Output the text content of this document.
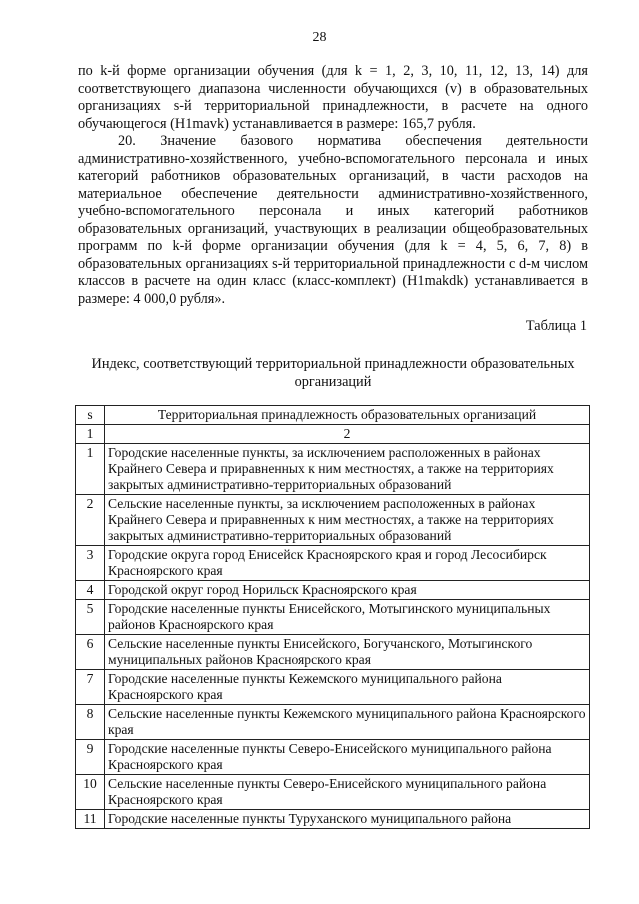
28
по k-й форме организации обучения (для k = 1, 2, 3, 10, 11, 12, 13, 14) для соответствующего диапазона численности обучающихся (v) в образовательных организациях s-й территориальной принадлежности, в расчете на одного обучающегося (H1mavk) устанавливается в размере: 165,7 рубля.
20. Значение базового норматива обеспечения деятельности административно-хозяйственного, учебно-вспомогательного персонала и иных категорий работников образовательных организаций, в части расходов на материальное обеспечение деятельности административно-хозяйственного, учебно-вспомогательного персонала и иных категорий работников образовательных организаций, участвующих в реализации общеобразовательных программ по k-й форме организации обучения (для k = 4, 5, 6, 7, 8) в образовательных организациях s-й территориальной принадлежности с d-м числом классов в расчете на один класс (класс-комплект) (H1makdk) устанавливается в размере: 4 000,0 рубля».
Таблица 1
Индекс, соответствующий территориальной принадлежности образовательных организаций
s	Территориальная принадлежность образовательных организаций
1	2
1	Городские населенные пункты, за исключением расположенных в районах Крайнего Севера и приравненных к ним местностях, а также на территориях закрытых административно-территориальных образований
2	Сельские населенные пункты, за исключением расположенных в районах Крайнего Севера и приравненных к ним местностях, а также на территориях закрытых административно-территориальных образований
3	Городские округа город Енисейск Красноярского края и город Лесосибирск Красноярского края
4	Городской округ город Норильск Красноярского края
5	Городские населенные пункты Енисейского, Мотыгинского муниципальных районов Красноярского края
6	Сельские населенные пункты Енисейского, Богучанского, Мотыгинского муниципальных районов Красноярского края
7	Городские населенные пункты Кежемского муниципального района Красноярского края
8	Сельские населенные пункты Кежемского муниципального района Красноярского края
9	Городские населенные пункты Северо-Енисейского муниципального района Красноярского края
10	Сельские населенные пункты Северо-Енисейского муниципального района Красноярского края
11	Городские населенные пункты Туруханского муниципального района
